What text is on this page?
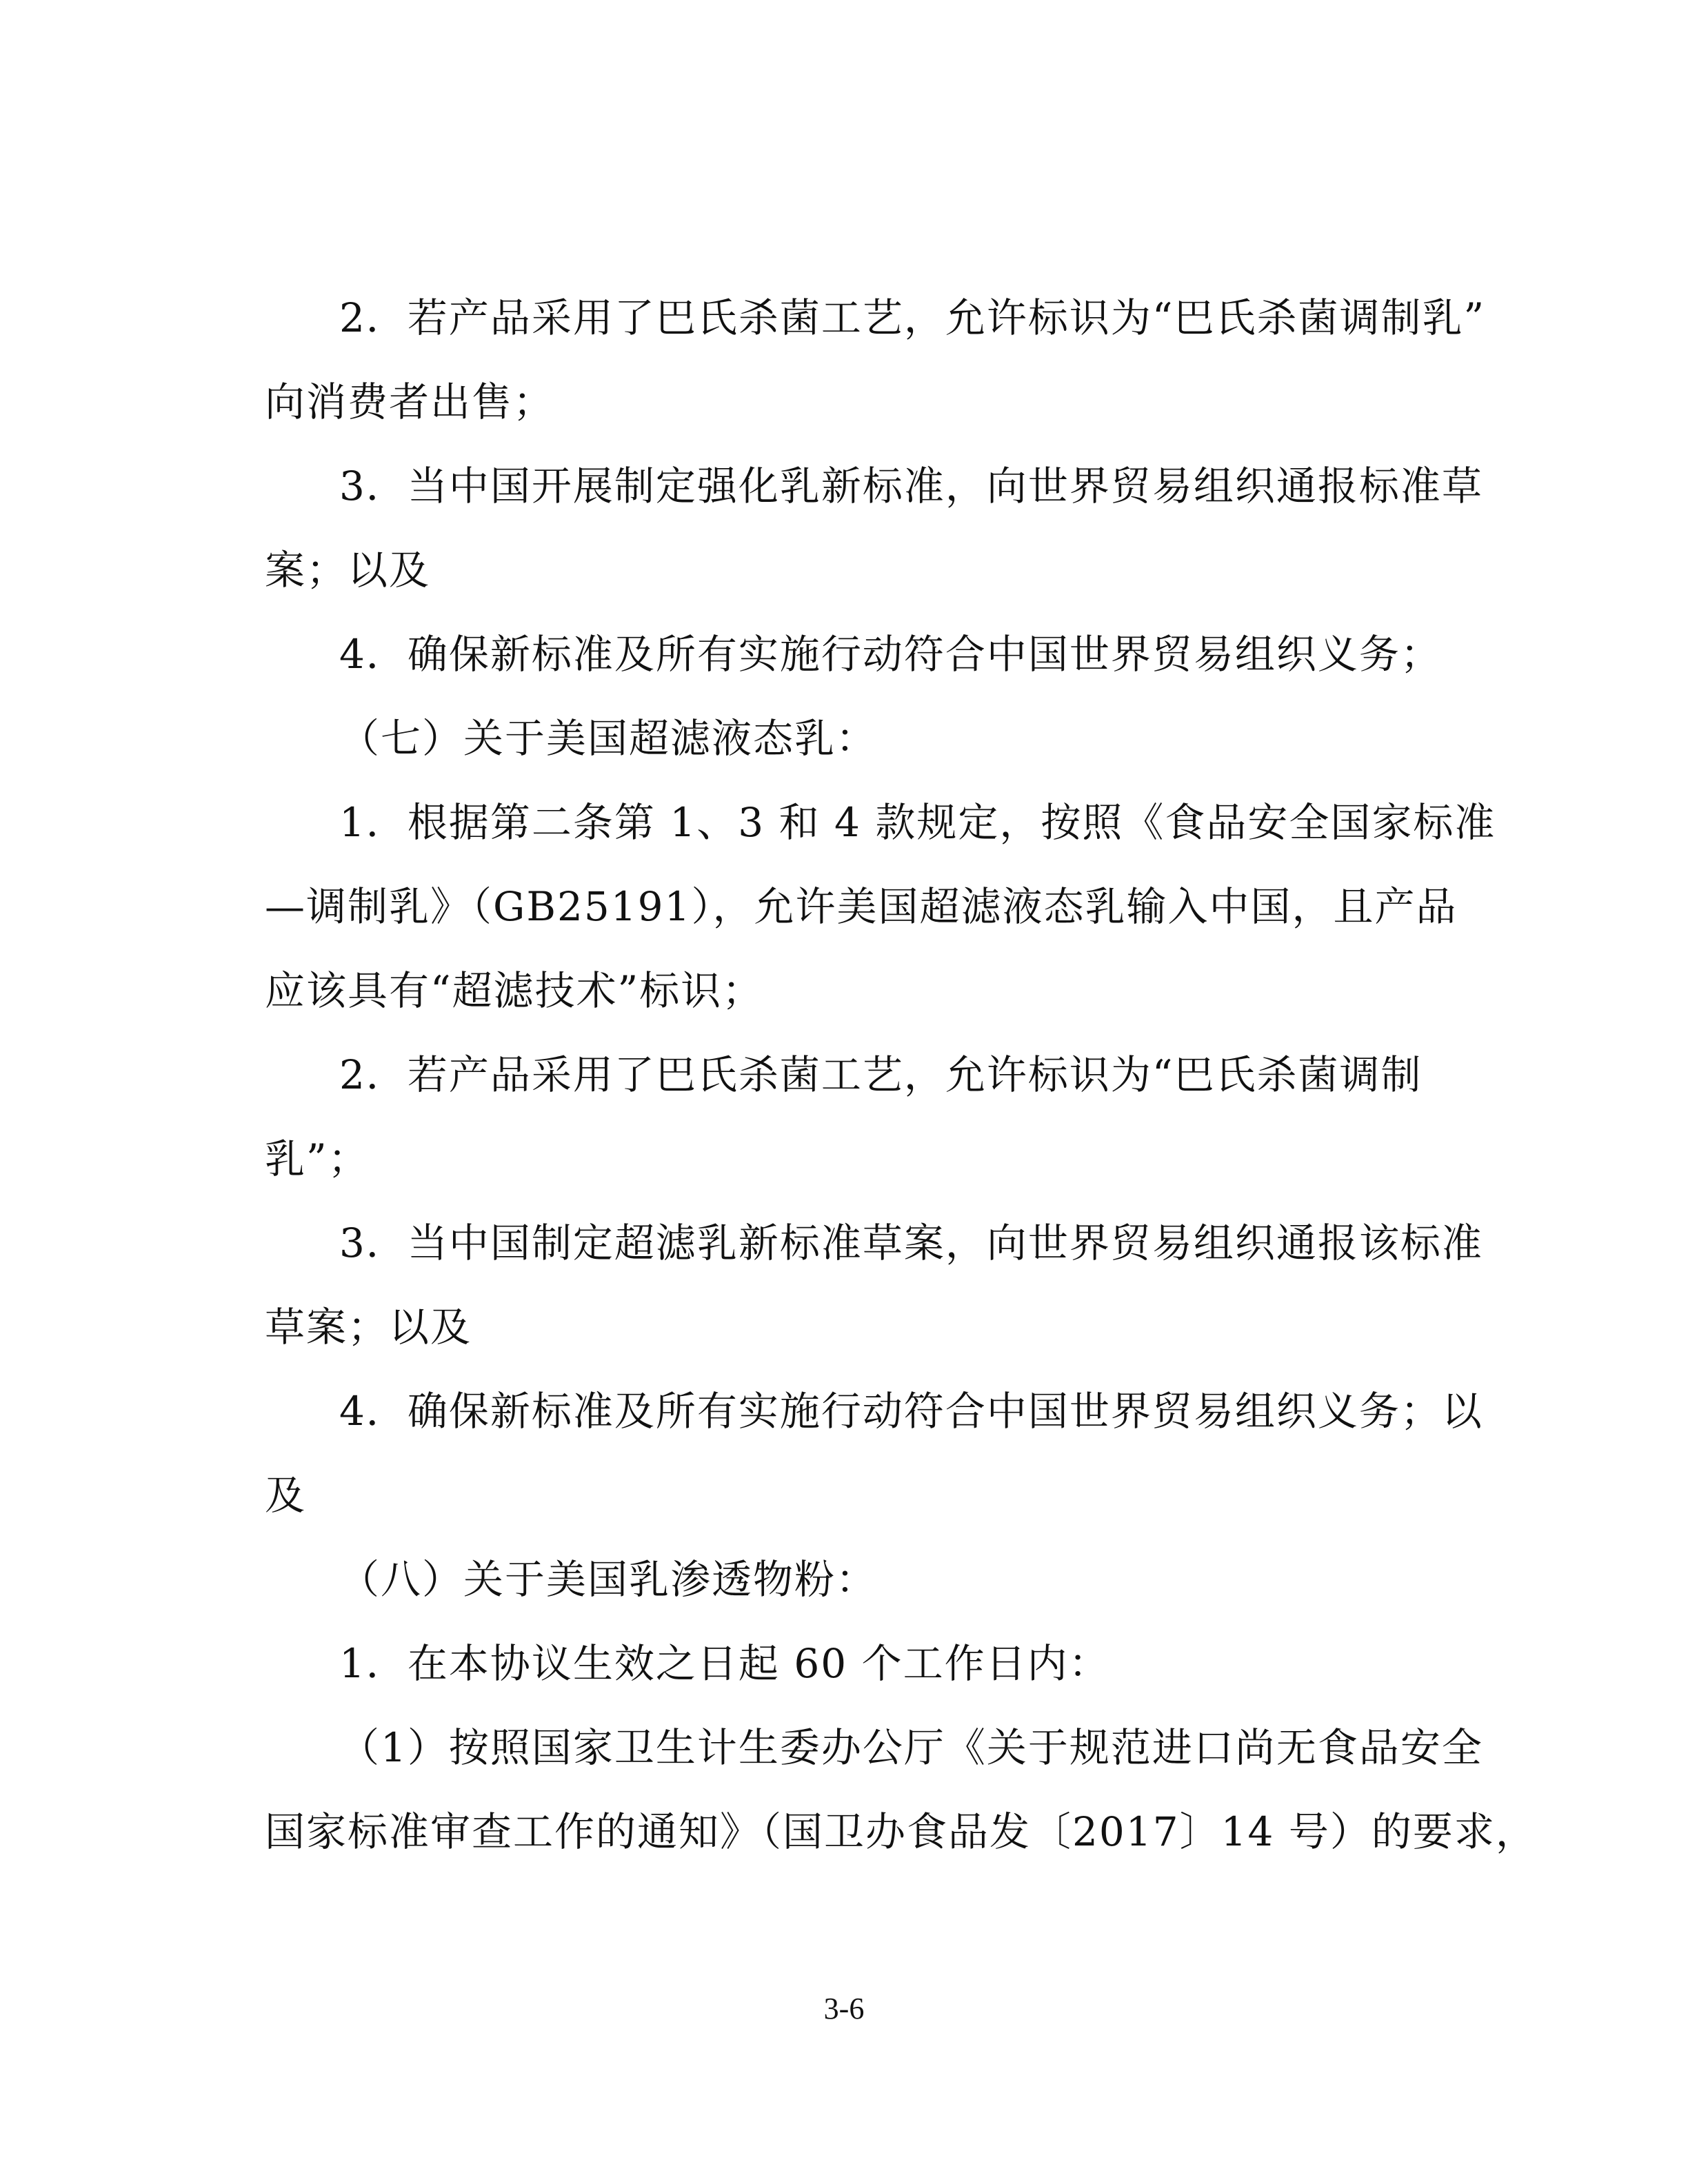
2．若产品采用了巴氏杀菌工艺，允许标识为“巴氏杀菌调制乳”
向消费者出售；
3．当中国开展制定强化乳新标准，向世界贸易组织通报标准草
案；以及
4．确保新标准及所有实施行动符合中国世界贸易组织义务；
（七）关于美国超滤液态乳：
1．根据第二条第 1、3 和 4 款规定，按照《食品安全国家标准
—调制乳》（GB25191），允许美国超滤液态乳输入中国，且产品
应该具有“超滤技术”标识；
2．若产品采用了巴氏杀菌工艺，允许标识为“巴氏杀菌调制
乳”；
3．当中国制定超滤乳新标准草案，向世界贸易组织通报该标准
草案；以及
4．确保新标准及所有实施行动符合中国世界贸易组织义务；以
及
（八）关于美国乳渗透物粉：
1．在本协议生效之日起 60 个工作日内：
（1）按照国家卫生计生委办公厅《关于规范进口尚无食品安全
国家标准审查工作的通知》（国卫办食品发〔2017〕14 号）的要求，
3-6
